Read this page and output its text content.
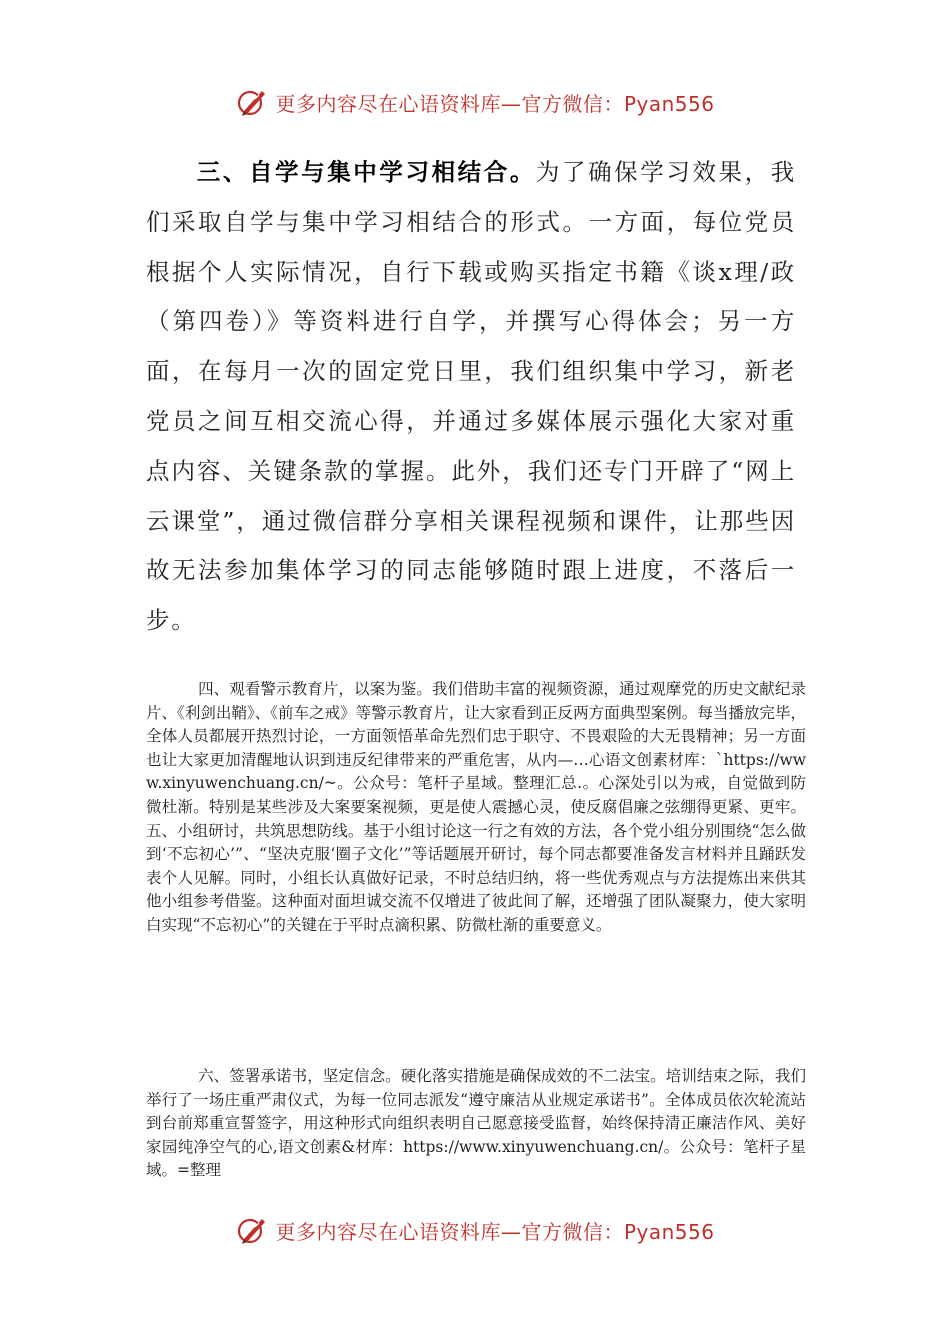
更多内容尽在心语资料库—官方微信：Pyan556

三、自学与集中学习相结合。为了确保学习效果，我们采取自学与集中学习相结合的形式。一方面，每位党员根据个人实际情况，自行下载或购买指定书籍《谈x理/政（第四卷）》等资料进行自学，并撰写心得体会；另一方面，在每月一次的固定党日里，我们组织集中学习，新老党员之间互相交流心得，并通过多媒体展示强化大家对重点内容、关键条款的掌握。此外，我们还专门开辟了“网上云课堂”，通过微信群分享相关课程视频和课件，让那些因故无法参加集体学习的同志能够随时跟上进度，不落后一步。

四、观看警示教育片，以案为鉴。我们借助丰富的视频资源，通过观摩党的历史文献纪录片、《利剑出鞘》、《前车之戒》等警示教育片，让大家看到正反两方面典型案例。每当播放完毕，全体人员都展开热烈讨论，一方面领悟革命先烈们忠于职守、不畏艰险的大无畏精神；另一方面也让大家更加清醒地认识到违反纪律带来的严重危害，从内—…心语文创素材库：`https://www.xinyuwenchuang.cn/~。公众号：笔杆子星域。整理汇总.。心深处引以为戒，自觉做到防微杜渐。特别是某些涉及大案要案视频，更是使人震撼心灵，使反腐倡廉之弦绷得更紧、更牢。五、小组研讨，共筑思想防线。基于小组讨论这一行之有效的方法，各个党小组分别围绕“怎么做到‘不忘初心’”、“坚决克服‘圈子文化’”等话题展开研讨，每个同志都要准备发言材料并且踊跃发表个人见解。同时，小组长认真做好记录，不时总结归纳，将一些优秀观点与方法提炼出来供其他小组参考借鉴。这种面对面坦诚交流不仅增进了彼此间了解，还增强了团队凝聚力，使大家明白实现“不忘初心”的关键在于平时点滴积累、防微杜渐的重要意义。

六、签署承诺书，坚定信念。硬化落实措施是确保成效的不二法宝。培训结束之际，我们举行了一场庄重严肃仪式，为每一位同志派发“遵守廉洁从业规定承诺书”。全体成员依次轮流站到台前郑重宣誓签字，用这种形式向组织表明自己愿意接受监督，始终保持清正廉洁作风、美好家园纯净空气的心,语文创素&材库：https://www.xinyuwenchuang.cn/。公众号：笔杆子星域。=整理

更多内容尽在心语资料库—官方微信：Pyan556
